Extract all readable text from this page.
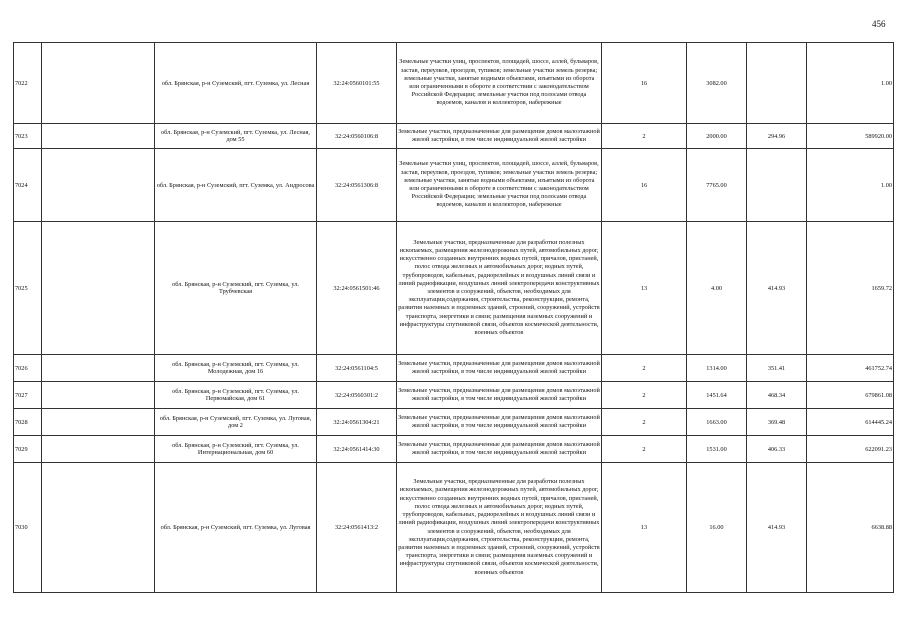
456
7022		обл. Брянская, р-н Суземский, пгт. Суземка, ул. Лесная	32:24:0560101:55	Земельные участки улиц, проспектов, площадей, шоссе, аллей, бульваров, застав, переулков, проездов, тупиков; земельные участки земель резерва; земельные участки, занятые водными объектами, изъятыми из оборота или ограниченными в обороте в соответствии с законодательством Российской Федерации; земельные участки под полосами отвода водоемов, каналов и коллекторов, набережные	16	3082.00		1.00
7023		обл. Брянская, р-н Суземский, пгт. Суземка, ул. Лесная, дом 55	32:24:0560106:8	Земельные участки, предназначенные для размещения домов малоэтажной жилой застройки, в том числе индивидуальной жилой застройки	2	2000.00	294.96	589920.00
7024		обл. Брянская, р-н Суземский, пгт. Суземка, ул. Андросова	32:24:0561306:8	Земельные участки улиц, проспектов, площадей, шоссе, аллей, бульваров, застав, переулков, проездов, тупиков; земельные участки земель резерва; земельные участки, занятые водными объектами, изъятыми из оборота или ограниченными в обороте в соответствии с законодательством Российской Федерации; земельные участки под полосами отвода водоемов, каналов и коллекторов, набережные	16	7765.00		1.00
7025		обл. Брянская, р-н Суземский, пгт. Суземка, ул. Трубчевская	32:24:0561501:46	Земельные участки, предназначенные для разработки полезных ископаемых, размещения железнодорожных путей, автомобильных дорог, искусственно созданных внутренних водных путей, причалов, пристаней, полос отвода железных и автомобильных дорог, водных путей, трубопроводов, кабельных, радиорелейных и воздушных линий связи и линий радиофикации, воздушных линий электропередачи конструктивных элементов и сооружений, объектов, необходимых для эксплуатации,содержания, строительства, реконструкции, ремонта, развития наземных и подземных зданий, строений, сооружений, устройств транспорта, энергетики и связи; размещения наземных сооружений и инфраструктуры спутниковой связи, объектов космической деятельности, военных объектов	13	4.00	414.93	1659.72
7026		обл. Брянская, р-н Суземский, пгт. Суземка, ул. Молодежная, дом 16	32:24:0561104:5	Земельные участки, предназначенные для размещения домов малоэтажной жилой застройки, в том числе индивидуальной жилой застройки	2	1314.00	351.41	461752.74
7027		обл. Брянская, р-н Суземский, пгт. Суземка, ул. Первомайская, дом 61	32:24:0560301:2	Земельные участки, предназначенные для размещения домов малоэтажной жилой застройки, в том числе индивидуальной жилой застройки	2	1451.64	468.34	679861.08
7028		обл. Брянская, р-н Суземский, пгт. Суземка, ул. Луговая, дом 2	32:24:0561304:21	Земельные участки, предназначенные для размещения домов малоэтажной жилой застройки, в том числе индивидуальной жилой застройки	2	1663.00	369.48	614445.24
7029		обл. Брянская, р-н Суземский, пгт. Суземка, ул. Интернациональная, дом 60	32:24:0561414:30	Земельные участки, предназначенные для размещения домов малоэтажной жилой застройки, в том числе индивидуальной жилой застройки	2	1531.00	406.33	622091.23
7030		обл. Брянская, р-н Суземский, пгт. Суземка, ул. Луговая	32:24:0561413:2	Земельные участки, предназначенные для разработки полезных ископаемых, размещения железнодорожных путей, автомобильных дорог, искусственно созданных внутренних водных путей, причалов, пристаней, полос отвода железных и автомобильных дорог, водных путей, трубопроводов, кабельных, радиорелейных и воздушных линий связи и линий радиофикации, воздушных линий электропередачи конструктивных элементов и сооружений, объектов, необходимых для эксплуатации,содержания, строительства, реконструкции, ремонта, развития наземных и подземных зданий, строений, сооружений, устройств транспорта, энергетики и связи; размещения наземных сооружений и инфраструктуры спутниковой связи, объектов космической деятельности, военных объектов	13	16.00	414.93	6638.88
